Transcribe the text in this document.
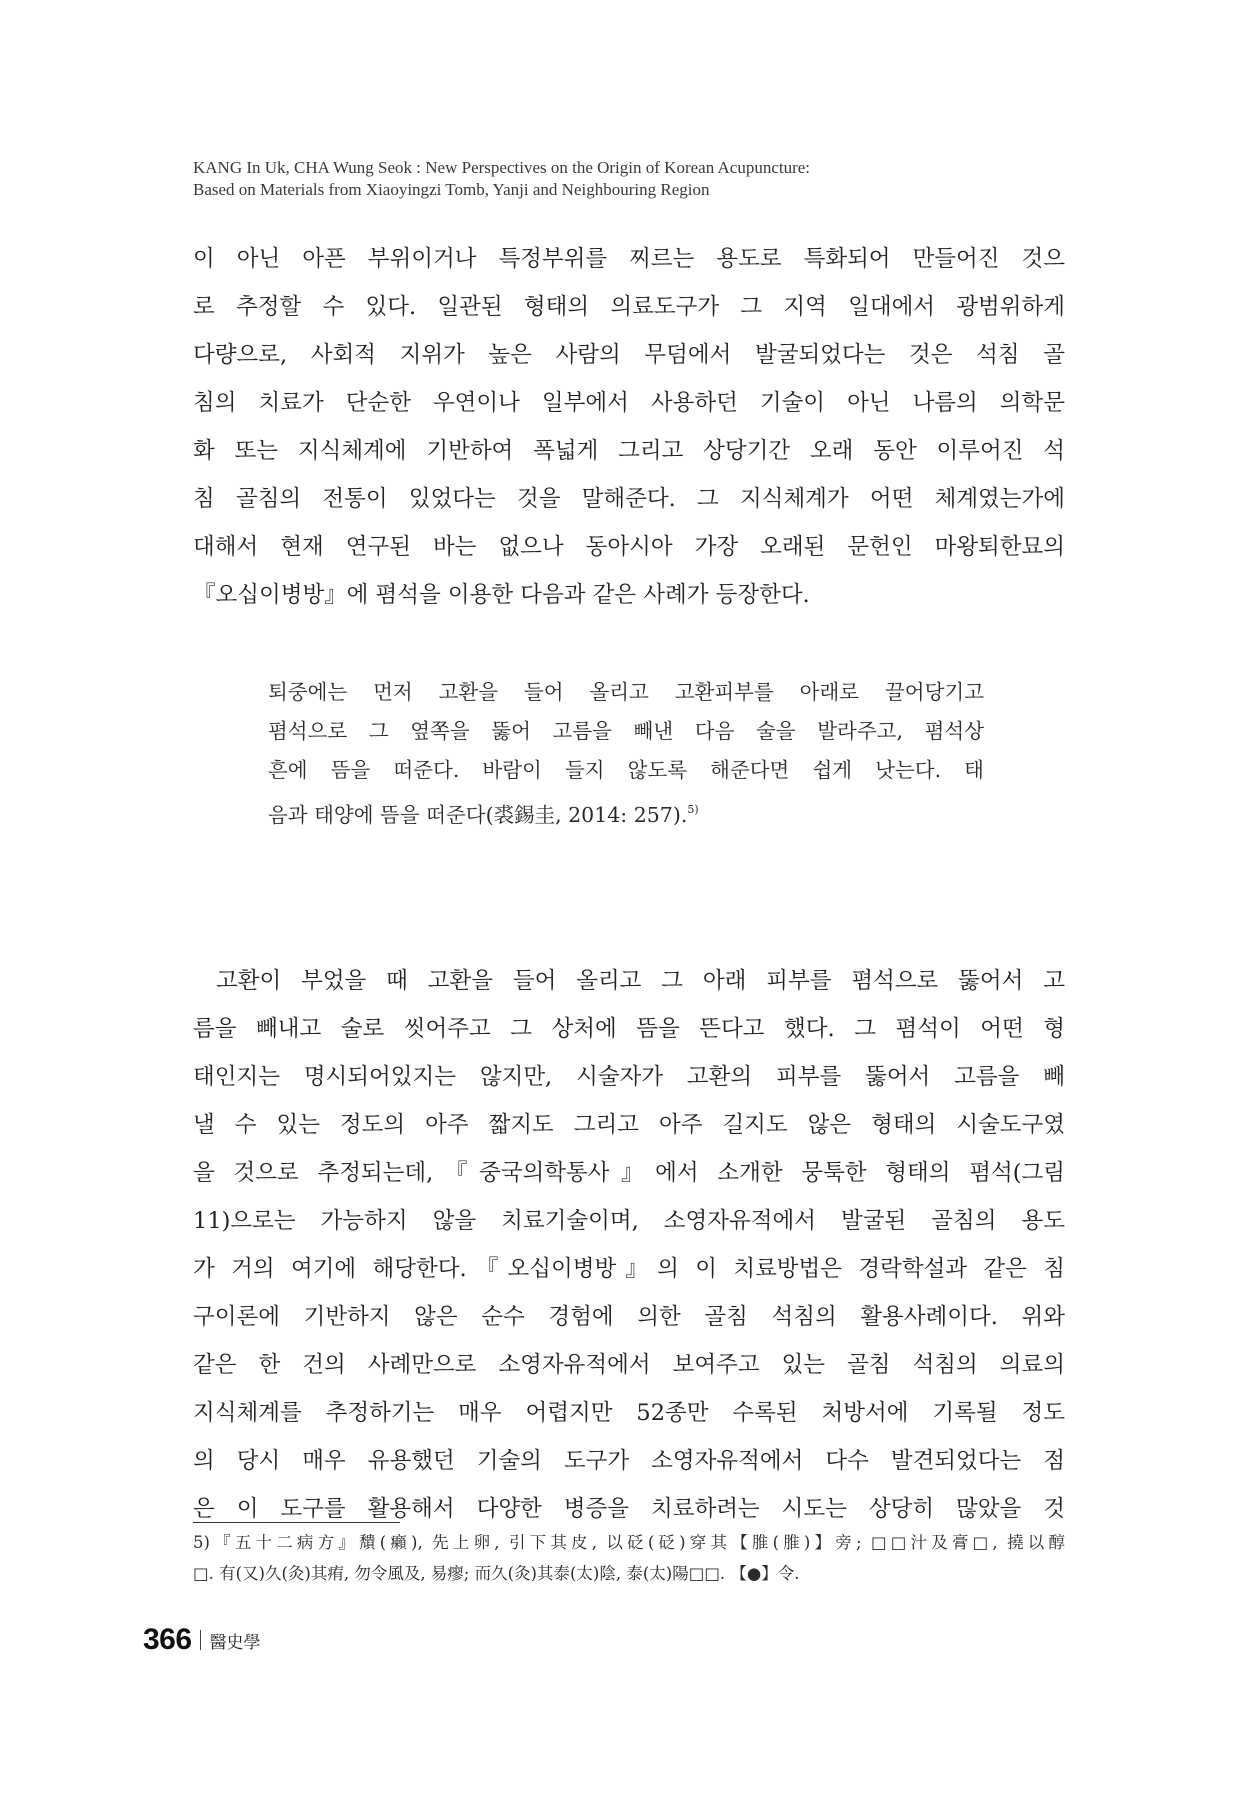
KANG In Uk, CHA Wung Seok : New Perspectives on the Origin of Korean Acupuncture:
Based on Materials from Xiaoyingzi Tomb, Yanji and Neighbouring Region
이 아닌 아픈 부위이거나 특정부위를 찌르는 용도로 특화되어 만들어진 것으
로 추정할 수 있다. 일관된 형태의 의료도구가 그 지역 일대에서 광범위하게
다량으로, 사회적 지위가 높은 사람의 무덤에서 발굴되었다는 것은 석침 골
침의 치료가 단순한 우연이나 일부에서 사용하던 기술이 아닌 나름의 의학문
화 또는 지식체계에 기반하여 폭넓게 그리고 상당기간 오래 동안 이루어진 석
침 골침의 전통이 있었다는 것을 말해준다. 그 지식체계가 어떤 체계였는가에
대해서 현재 연구된 바는 없으나 동아시아 가장 오래된 문헌인 마왕퇴한묘의
『오십이병방』에 폄석을 이용한 다음과 같은 사례가 등장한다.
퇴중에는 먼저 고환을 들어 올리고 고환피부를 아래로 끌어당기고
폄석으로 그 옆쪽을 뚫어 고름을 빼낸 다음 술을 발라주고, 폄석상
흔에 뜸을 떠준다. 바람이 들지 않도록 해준다면 쉽게 낫는다. 태
음과 태양에 뜸을 떠준다(裘錫圭, 2014: 257).$^{5)}$
고환이 부었을 때 고환을 들어 올리고 그 아래 피부를 폄석으로 뚫어서 고
름을 빼내고 술로 씻어주고 그 상처에 뜸을 뜬다고 했다. 그 폄석이 어떤 형
태인지는 명시되어있지는 않지만, 시술자가 고환의 피부를 뚫어서 고름을 빼
낼 수 있는 정도의 아주 짧지도 그리고 아주 길지도 않은 형태의 시술도구였
을 것으로 추정되는데,『중국의학통사』에서 소개한 뭉툭한 형태의 폄석(그림
11)으로는 가능하지 않을 치료기술이며, 소영자유적에서 발굴된 골침의 용도
가 거의 여기에 해당한다.『오십이병방』의 이 치료방법은 경락학설과 같은 침
구이론에 기반하지 않은 순수 경험에 의한 골침 석침의 활용사례이다. 위와
같은 한 건의 사례만으로 소영자유적에서 보여주고 있는 골침 석침의 의료의
지식체계를 추정하기는 매우 어렵지만 52종만 수록된 처방서에 기록될 정도
의 당시 매우 유용했던 기술의 도구가 소영자유적에서 다수 발견되었다는 점
은 이 도구를 활용해서 다양한 병증을 치료하려는 시도는 상당히 많았을 것
5)『五十二病方』穨(癩), 先上卵, 引下其皮, 以砭(砭)穿其【脽(脽)】旁; □□汁及膏□, 撓以醇
□. 有(又)久(灸)其痏, 勿令風及, 易瘳; 而久(灸)其泰(太)陰, 泰(太)陽□□. 【●】令.
366 醫史學
